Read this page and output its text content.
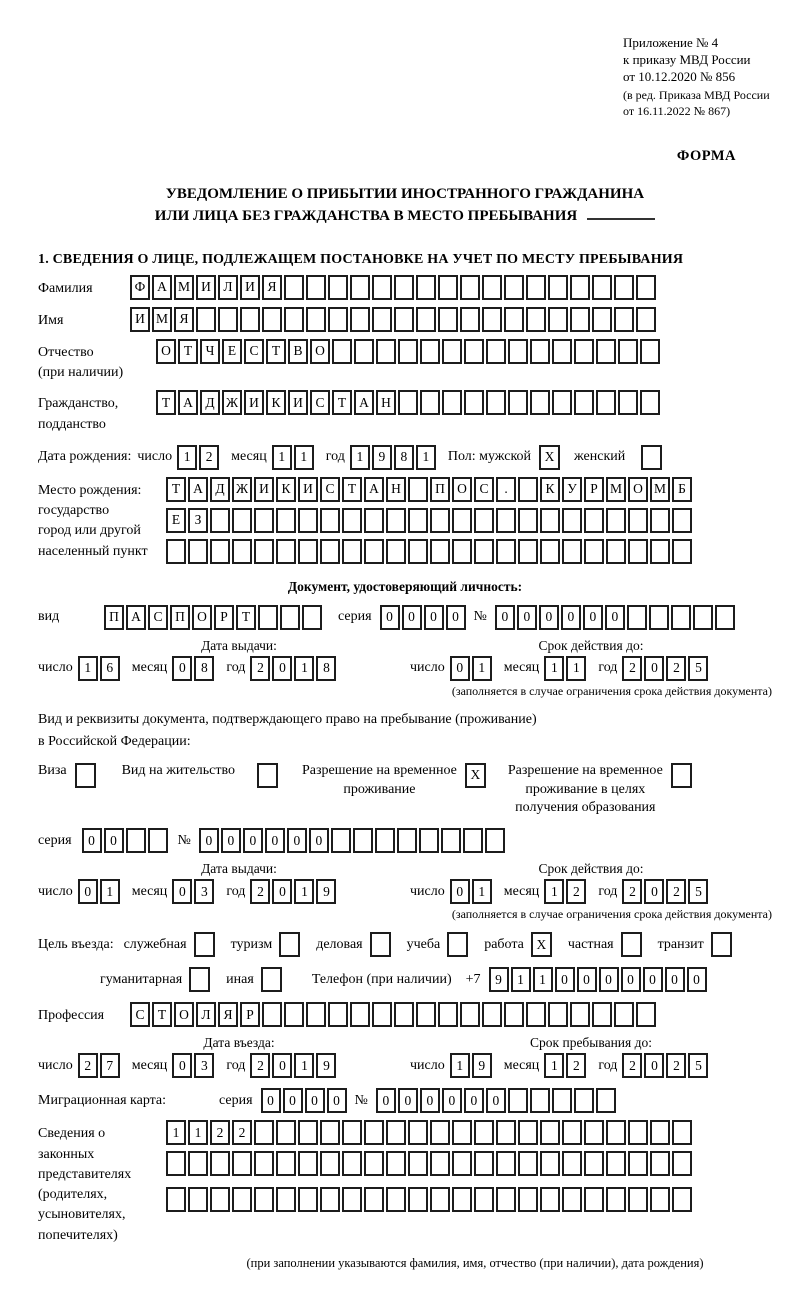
Приложение № 4
к приказу МВД России
от 10.12.2020 № 856
(в ред. Приказа МВД России
от 16.11.2022 № 867)
ФОРМА
УВЕДОМЛЕНИЕ О ПРИБЫТИИ ИНОСТРАННОГО ГРАЖДАНИНА
ИЛИ ЛИЦА БЕЗ ГРАЖДАНСТВА В МЕСТО ПРЕБЫВАНИЯ
1. СВЕДЕНИЯ О ЛИЦЕ, ПОДЛЕЖАЩЕМ ПОСТАНОВКЕ НА УЧЕТ ПО МЕСТУ ПРЕБЫВАНИЯ
Фамилия	Ф А М И Л И Я
Имя	И М Я
Отчество
(при наличии)
О Т Ч Е С Т В О
Гражданство,
подданство
Т А Д Ж И К И С Т А Н
Дата рождения: число 1	2	месяц 1	1	год 1	9	8	1	Пол: мужской	X	женский
Место рождения:
государство
город или другой
населенный пункт
Т А Д Ж И К И С Т А Н	П О С	.	К У Р М О М Б

Е	З

Документ, удостоверяющий личность:
вид	П А С П О Р	Т	серия	0	0	0	0	№	0	0	0	0	0	0
Дата выдачи:
число 1	6	месяц 0	8	год 2	0	1	8
Срок действия до:
число 0	1	месяц 1	1	год 2	0	2	5
(заполняется в случае ограничения срока действия документа)
Вид и реквизиты документа, подтверждающего право на пребывание (проживание)
в Российской Федерации:
Виза	Вид на жительство	Разрешение на временное
проживание
X	Разрешение на временное
проживание в целях
получения образования
серия	0	0	№	0	0	0	0	0	0
Дата выдачи:
число 0	1	месяц 0	3	год 2	0	1	9
Срок действия до:
число 0	1	месяц 1	2	год 2	0	2	5
(заполняется в случае ограничения срока действия документа)
Цель въезда: служебная	туризм	деловая	учеба	работа X	частная	транзит
гуманитарная	иная	Телефон (при наличии) +7	9	1	1	0	0	0	0	0	0	0
Профессия	С Т О Л Я	Р
Дата въезда:
число 2	7	месяц 0	3	год 2	0	1	9
Срок пребывания до:
число 1	9	месяц 1	2	год 2	0	2	5
Миграционная карта:	серия	0	0	0	0	№	0	0	0	0	0	0
Сведения о
законных
представителях
(родителях,
усыновителях,
попечителях)
1	1	2	2

(при заполнении указываются фамилия, имя, отчество (при наличии), дата рождения)
